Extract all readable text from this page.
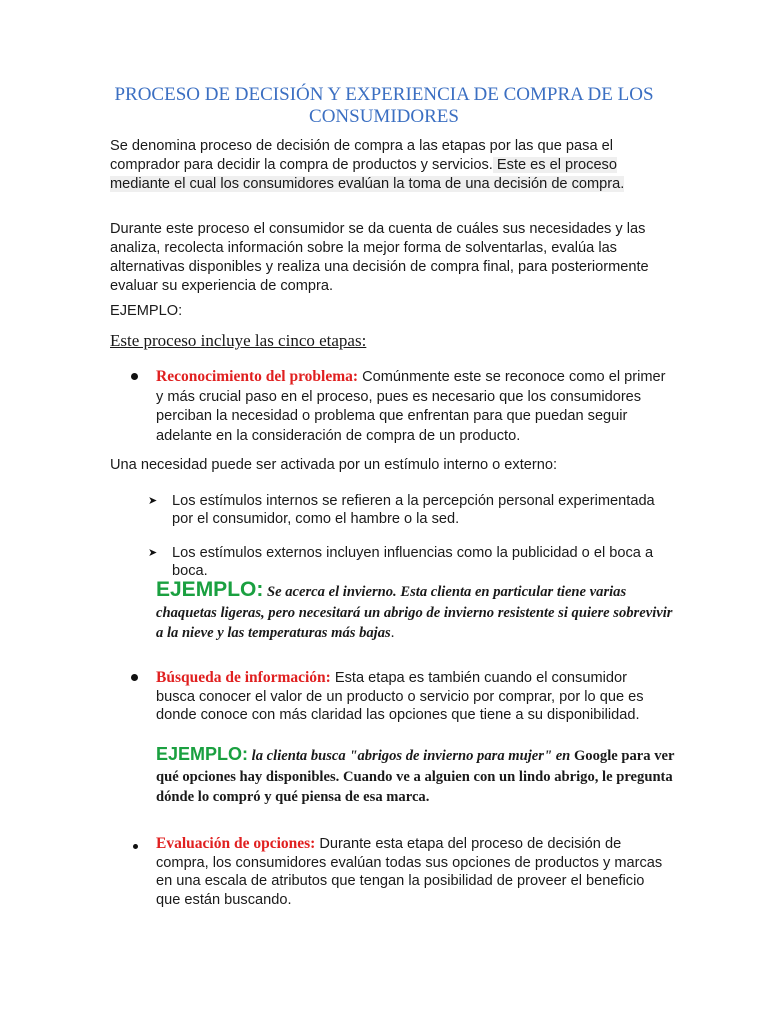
PROCESO DE DECISIÓN Y EXPERIENCIA DE COMPRA DE LOS CONSUMIDORES
Se denomina proceso de decisión de compra a las etapas por las que pasa el comprador para decidir la compra de productos y servicios. Este es el proceso mediante el cual los consumidores evalúan la toma de una decisión de compra.
Durante este proceso el consumidor se da cuenta de cuáles sus necesidades y las analiza, recolecta información sobre la mejor forma de solventarlas, evalúa las alternativas disponibles y realiza una decisión de compra final, para posteriormente evaluar su experiencia de compra.
EJEMPLO:
Este proceso incluye las cinco etapas:
Reconocimiento del problema: Comúnmente este se reconoce como el primer y más crucial paso en el proceso, pues es necesario que los consumidores perciban la necesidad o problema que enfrentan para que puedan seguir adelante en la consideración de compra de un producto.
Una necesidad puede ser activada por un estímulo interno o externo:
➤ Los estímulos internos se refieren a la percepción personal experimentada por el consumidor, como el hambre o la sed.
➤ Los estímulos externos incluyen influencias como la publicidad o el boca a boca.
EJEMPLO: Se acerca el invierno. Esta clienta en particular tiene varias chaquetas ligeras, pero necesitará un abrigo de invierno resistente si quiere sobrevivir a la nieve y las temperaturas más bajas.
Búsqueda de información: Esta etapa es también cuando el consumidor busca conocer el valor de un producto o servicio por comprar, por lo que es donde conoce con más claridad las opciones que tiene a su disponibilidad.
EJEMPLO: la clienta busca "abrigos de invierno para mujer" en Google para ver qué opciones hay disponibles. Cuando ve a alguien con un lindo abrigo, le pregunta dónde lo compró y qué piensa de esa marca.
Evaluación de opciones: Durante esta etapa del proceso de decisión de compra, los consumidores evalúan todas sus opciones de productos y marcas en una escala de atributos que tengan la posibilidad de proveer el beneficio que están buscando.
